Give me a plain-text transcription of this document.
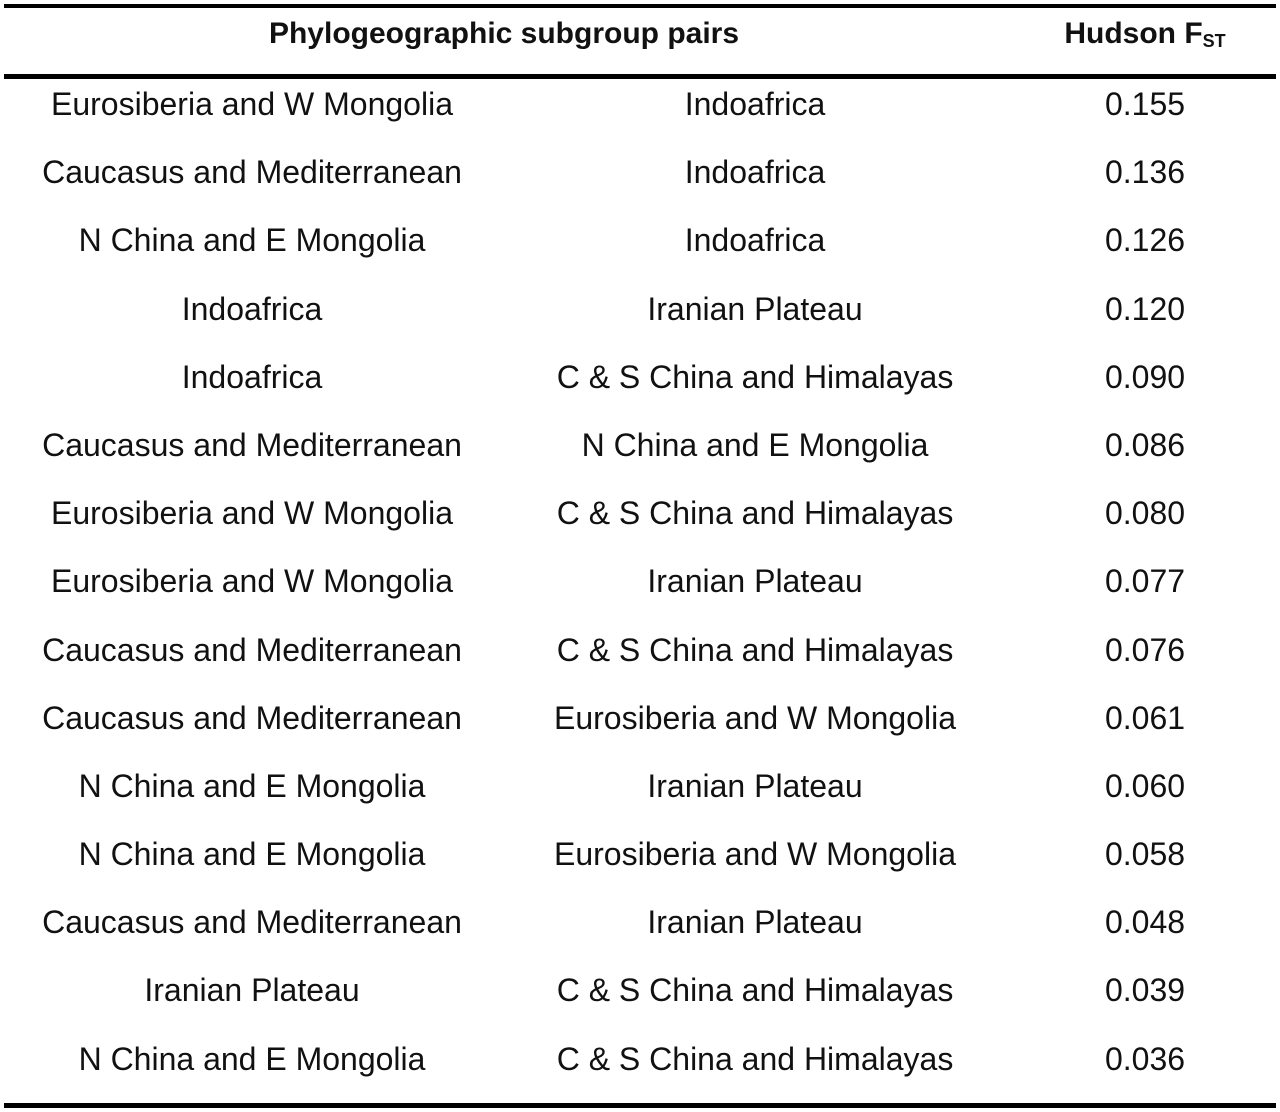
Phylogeographic subgroup pairs	Hudson $F_{ST}$
Eurosiberia and W Mongolia	Indoafrica	0.155
Caucasus and Mediterranean	Indoafrica	0.136
N China and E Mongolia	Indoafrica	0.126
Indoafrica	Iranian Plateau	0.120
Indoafrica	C & S China and Himalayas	0.090
Caucasus and Mediterranean	N China and E Mongolia	0.086
Eurosiberia and W Mongolia	C & S China and Himalayas	0.080
Eurosiberia and W Mongolia	Iranian Plateau	0.077
Caucasus and Mediterranean	C & S China and Himalayas	0.076
Caucasus and Mediterranean	Eurosiberia and W Mongolia	0.061
N China and E Mongolia	Iranian Plateau	0.060
N China and E Mongolia	Eurosiberia and W Mongolia	0.058
Caucasus and Mediterranean	Iranian Plateau	0.048
Iranian Plateau	C & S China and Himalayas	0.039
N China and E Mongolia	C & S China and Himalayas	0.036
